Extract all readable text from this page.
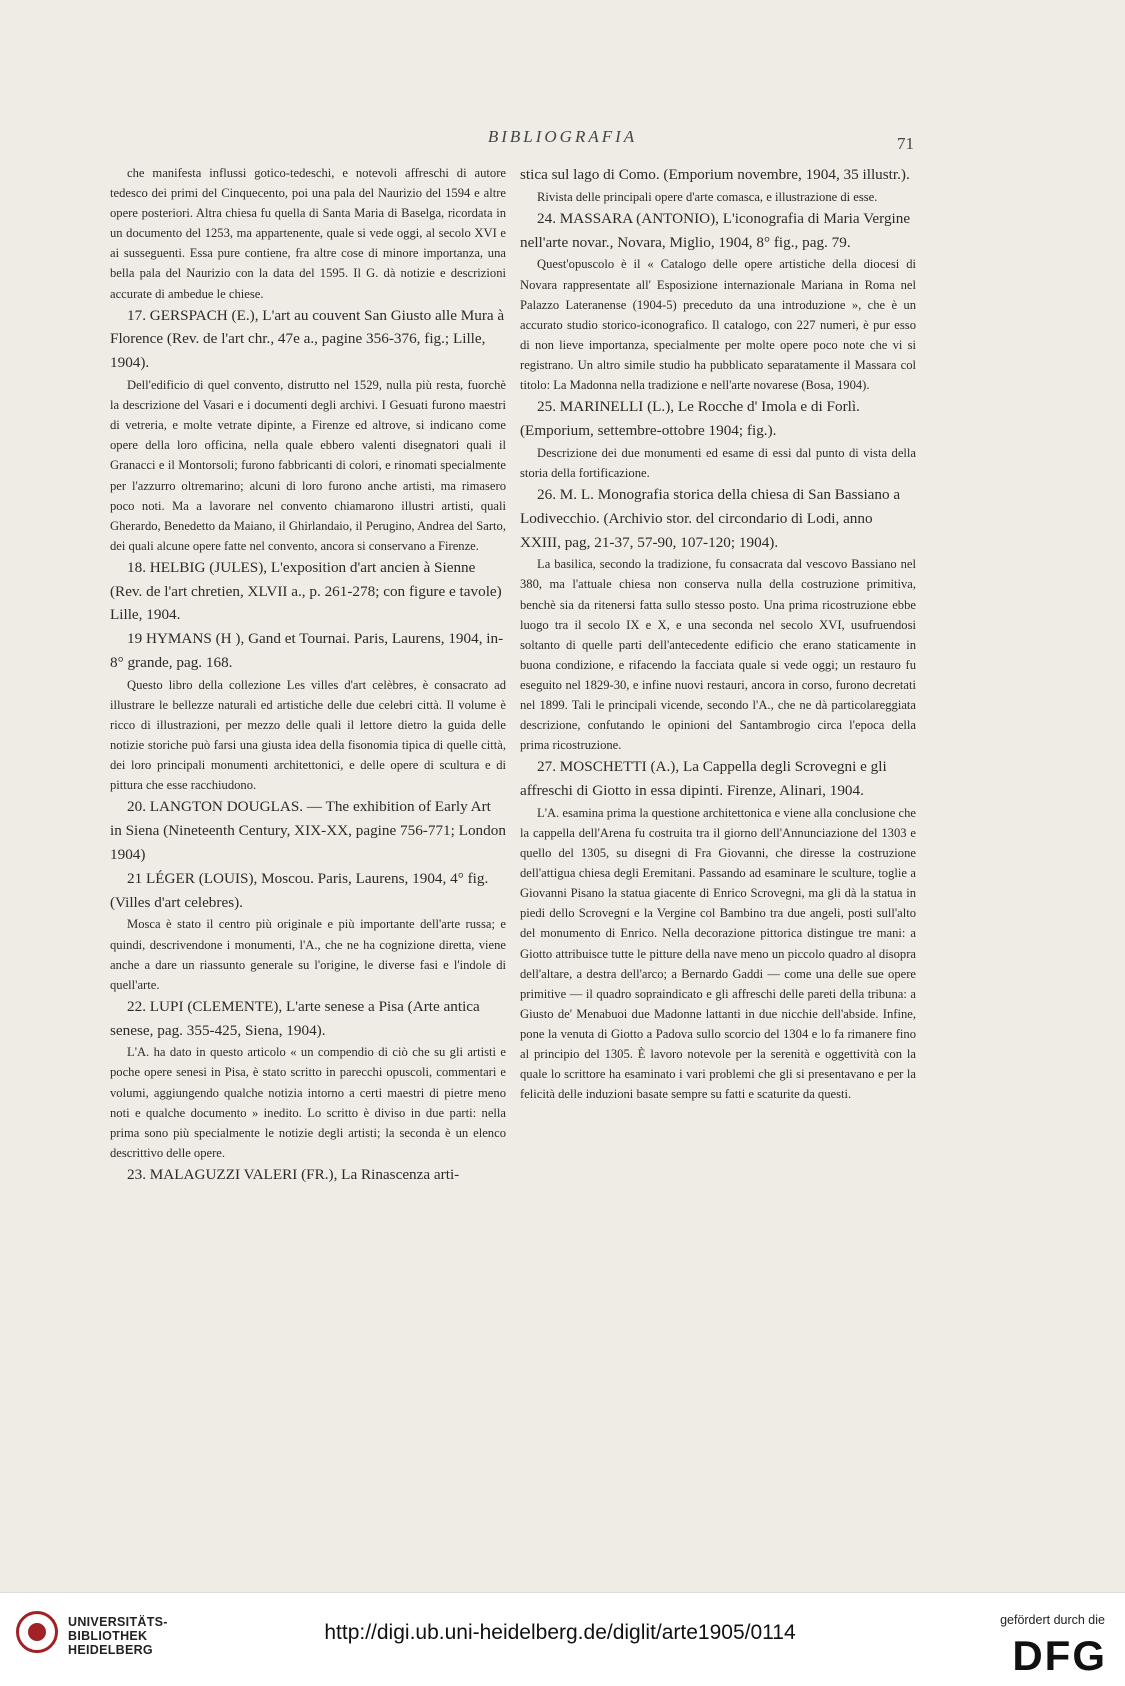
BIBLIOGRAFIA	71

che manifesta influssi gotico-tedeschi, e notevoli affreschi di autore tedesco dei primi del Cinquecento, poi una pala del Naurizio del 1594 e altre opere posteriori. Altra chiesa fu quella di Santa Maria di Baselga, ricordata in un documento del 1253, ma appartenente, quale si vede oggi, al secolo XVI e ai susseguenti. Essa pure contiene, fra altre cose di minore importanza, una bella pala del Naurizio con la data del 1595. Il G. dà notizie e descrizioni accurate di ambedue le chiese.

17. GERSPACH (E.), L'art au couvent San Giusto alle Mura à Florence (Rev. de l'art chr., 47e a., pagine 356-376, fig.; Lille, 1904).

Dell'edificio di quel convento, distrutto nel 1529, nulla più resta, fuorchè la descrizione del Vasari e i documenti degli archivi. I Gesuati furono maestri di vetreria, e molte vetrate dipinte, a Firenze ed altrove, si indicano come opere della loro officina, nella quale ebbero valenti disegnatori quali il Granacci e il Montorsoli; furono fabbricanti di colori, e rinomati specialmente per l'azzurro oltremarino; alcuni di loro furono anche artisti, ma rimasero poco noti. Ma a lavorare nel convento chiamarono illustri artisti, quali Gherardo, Benedetto da Maiano, il Ghirlandaio, il Perugino, Andrea del Sarto, dei quali alcune opere fatte nel convento, ancora si conservano a Firenze.

18. HELBIG (JULES), L'exposition d'art ancien à Sienne (Rev. de l'art chretien, XLVII a., p. 261-278; con figure e tavole) Lille, 1904.

19 HYMANS (H ), Gand et Tournai. Paris, Laurens, 1904, in-8° grande, pag. 168.

Questo libro della collezione Les villes d'art celèbres, è consacrato ad illustrare le bellezze naturali ed artistiche delle due celebri città. Il volume è ricco di illustrazioni, per mezzo delle quali il lettore dietro la guida delle notizie storiche può farsi una giusta idea della fisonomia tipica di quelle città, dei loro principali monumenti architettonici, e delle opere di scultura e di pittura che esse racchiudono.

20. LANGTON DOUGLAS. — The exhibition of Early Art in Siena (Nineteenth Century, XIX-XX, pagine 756-771; London 1904)

21 LÉGER (LOUIS), Moscou. Paris, Laurens, 1904, 4° fig. (Villes d'art celebres).

Mosca è stato il centro più originale e più importante dell'arte russa; e quindi, descrivendone i monumenti, l'A., che ne ha cognizione diretta, viene anche a dare un riassunto generale su l'origine, le diverse fasi e l'indole di quell'arte.

22. LUPI (CLEMENTE), L'arte senese a Pisa (Arte antica senese, pag. 355-425, Siena, 1904).

L'A. ha dato in questo articolo « un compendio di ciò che su gli artisti e poche opere senesi in Pisa, è stato scritto in parecchi opuscoli, commentari e volumi, aggiungendo qualche notizia intorno a certi maestri di pietre meno noti e qualche documento » inedito. Lo scritto è diviso in due parti: nella prima sono più specialmente le notizie degli artisti; la seconda è un elenco descrittivo delle opere.

23. MALAGUZZI VALERI (FR.), La Rinascenza arti-

stica sul lago di Como. (Emporium novembre, 1904, 35 illustr.).

Rivista delle principali opere d'arte comasca, e illustrazione di esse.

24. MASSARA (ANTONIO), L'iconografia di Maria Vergine nell'arte novar., Novara, Miglio, 1904, 8° fig., pag. 79.

Quest'opuscolo è il « Catalogo delle opere artistiche della diocesi di Novara rappresentate all' Esposizione internazionale Mariana in Roma nel Palazzo Lateranense (1904-5) preceduto da una introduzione », che è un accurato studio storico-iconografico. Il catalogo, con 227 numeri, è pur esso di non lieve importanza, specialmente per molte opere poco note che vi si registrano. Un altro simile studio ha pubblicato separatamente il Massara col titolo: La Madonna nella tradizione e nell'arte novarese (Bosa, 1904).

25. MARINELLI (L.), Le Rocche d' Imola e di Forlì. (Emporium, settembre-ottobre 1904; fig.).

Descrizione dei due monumenti ed esame di essi dal punto di vista della storia della fortificazione.

26. M. L. Monografia storica della chiesa di San Bassiano a Lodivecchio. (Archivio stor. del circondario di Lodi, anno XXIII, pag, 21-37, 57-90, 107-120; 1904).

La basilica, secondo la tradizione, fu consacrata dal vescovo Bassiano nel 380, ma l'attuale chiesa non conserva nulla della costruzione primitiva, benchè sia da ritenersi fatta sullo stesso posto. Una prima ricostruzione ebbe luogo tra il secolo IX e X, e una seconda nel secolo XVI, usufruendosi soltanto di quelle parti dell'antecedente edificio che erano staticamente in buona condizione, e rifacendo la facciata quale si vede oggi; un restauro fu eseguito nel 1829-30, e infine nuovi restauri, ancora in corso, furono decretati nel 1899. Tali le principali vicende, secondo l'A., che ne dà particolareggiata descrizione, confutando le opinioni del Santambrogio circa l'epoca della prima ricostruzione.

27. MOSCHETTI (A.), La Cappella degli Scrovegni e gli affreschi di Giotto in essa dipinti. Firenze, Alinari, 1904.

L'A. esamina prima la questione architettonica e viene alla conclusione che la cappella dell'Arena fu costruita tra il giorno dell'Annunciazione del 1303 e quello del 1305, su disegni di Fra Giovanni, che diresse la costruzione dell'attigua chiesa degli Eremitani. Passando ad esaminare le sculture, toglie a Giovanni Pisano la statua giacente di Enrico Scrovegni, ma gli dà la statua in piedi dello Scrovegni e la Vergine col Bambino tra due angeli, posti sull'alto del monumento di Enrico. Nella decorazione pittorica distingue tre mani: a Giotto attribuisce tutte le pitture della nave meno un piccolo quadro al disopra dell'altare, a destra dell'arco; a Bernardo Gaddi — come una delle sue opere primitive — il quadro sopraindicato e gli affreschi delle pareti della tribuna: a Giusto de' Menabuoi due Madonne lattanti in due nicchie dell'abside. Infine, pone la venuta di Giotto a Padova sullo scorcio del 1304 e lo fa rimanere fino al principio del 1305. È lavoro notevole per la serenità e oggettività con la quale lo scrittore ha esaminato i vari problemi che gli si presentavano e per la felicità delle induzioni basate sempre su fatti e scaturite da questi.

UNIVERSITÄTS-
BIBLIOTHEK
HEIDELBERG
http://digi.ub.uni-heidelberg.de/diglit/arte1905/0114
gefördert durch die
DFG
